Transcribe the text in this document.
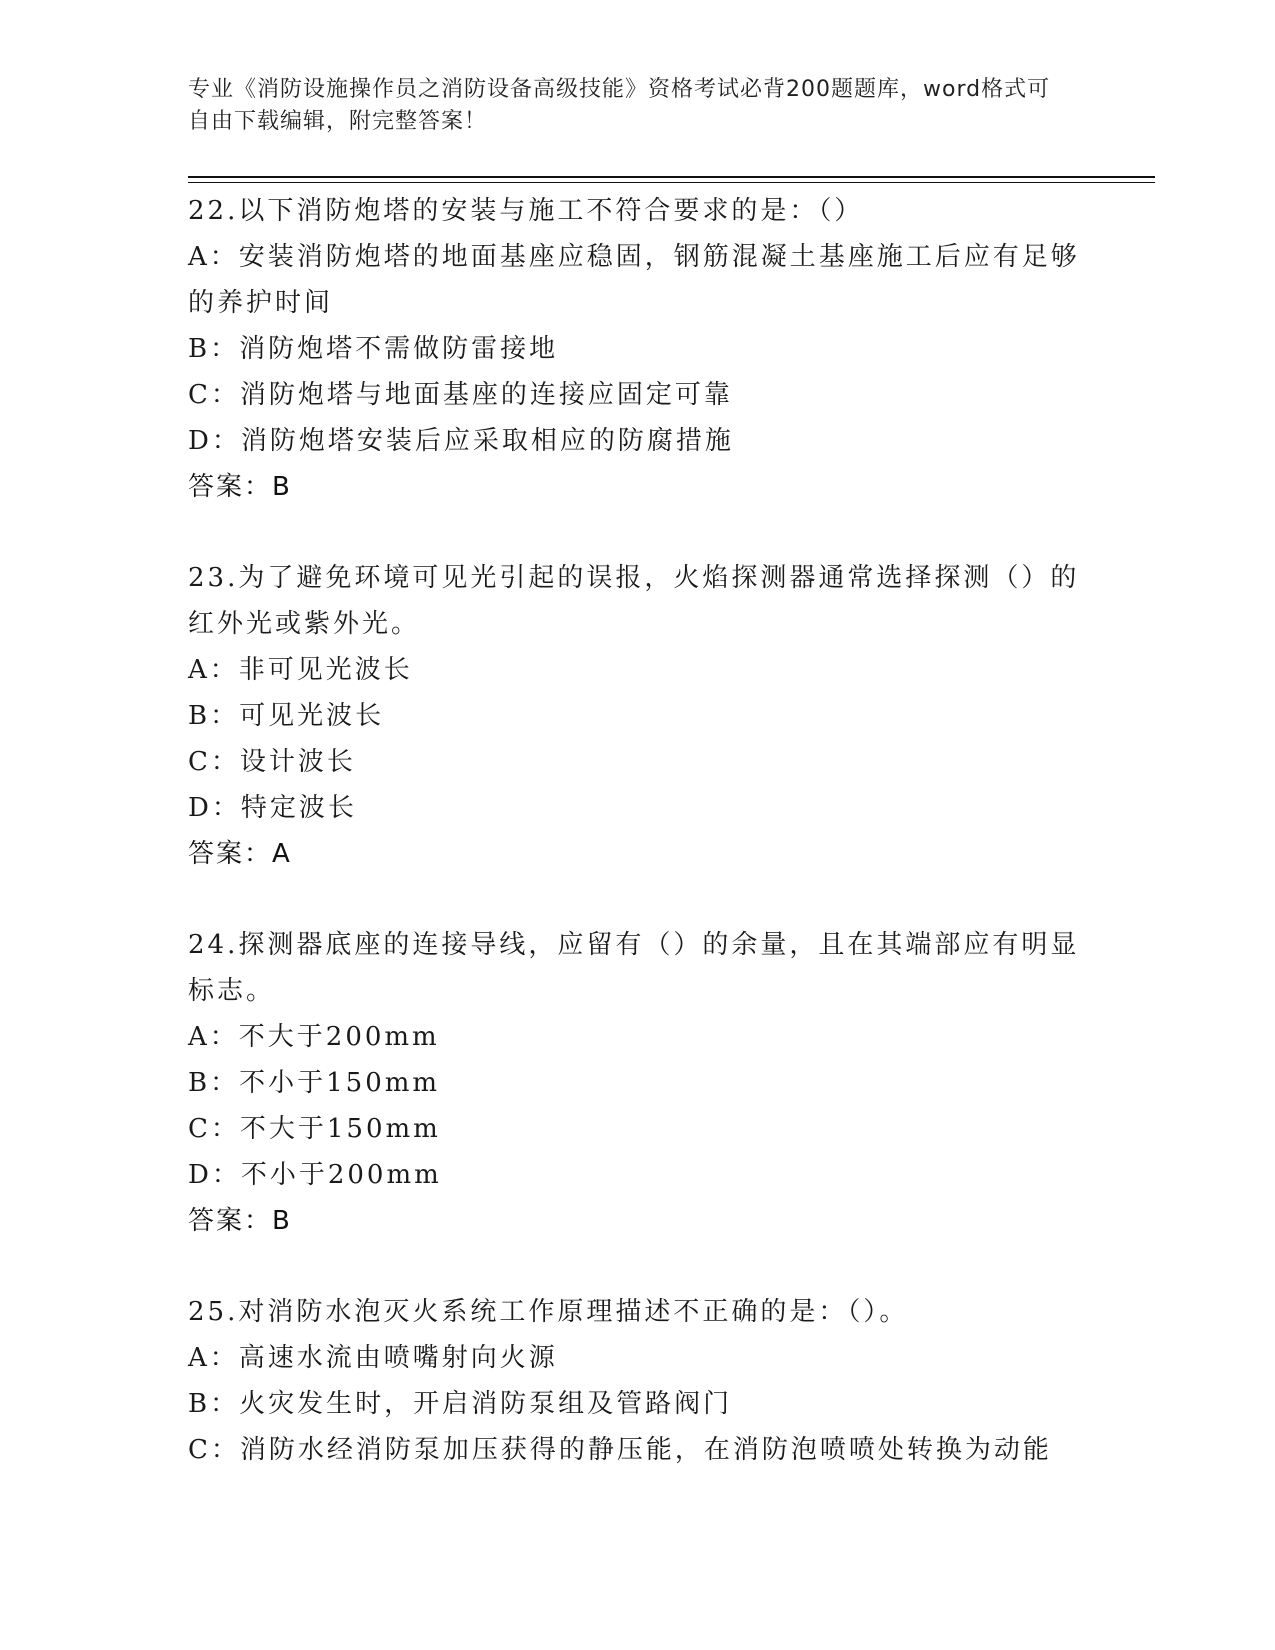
专业《消防设施操作员之消防设备高级技能》资格考试必背200题题库，word格式可自由下载编辑，附完整答案！
22.以下消防炮塔的安装与施工不符合要求的是：（）
A：安装消防炮塔的地面基座应稳固，钢筋混凝土基座施工后应有足够的养护时间
B：消防炮塔不需做防雷接地
C：消防炮塔与地面基座的连接应固定可靠
D：消防炮塔安装后应采取相应的防腐措施
答案：B
23.为了避免环境可见光引起的误报，火焰探测器通常选择探测（）的红外光或紫外光。
A：非可见光波长
B：可见光波长
C：设计波长
D：特定波长
答案：A
24.探测器底座的连接导线，应留有（）的余量，且在其端部应有明显标志。
A：不大于200mm
B：不小于150mm
C：不大于150mm
D：不小于200mm
答案：B
25.对消防水泡灭火系统工作原理描述不正确的是：（）。
A：高速水流由喷嘴射向火源
B：火灾发生时，开启消防泵组及管路阀门
C：消防水经消防泵加压获得的静压能，在消防泡喷喷处转换为动能
